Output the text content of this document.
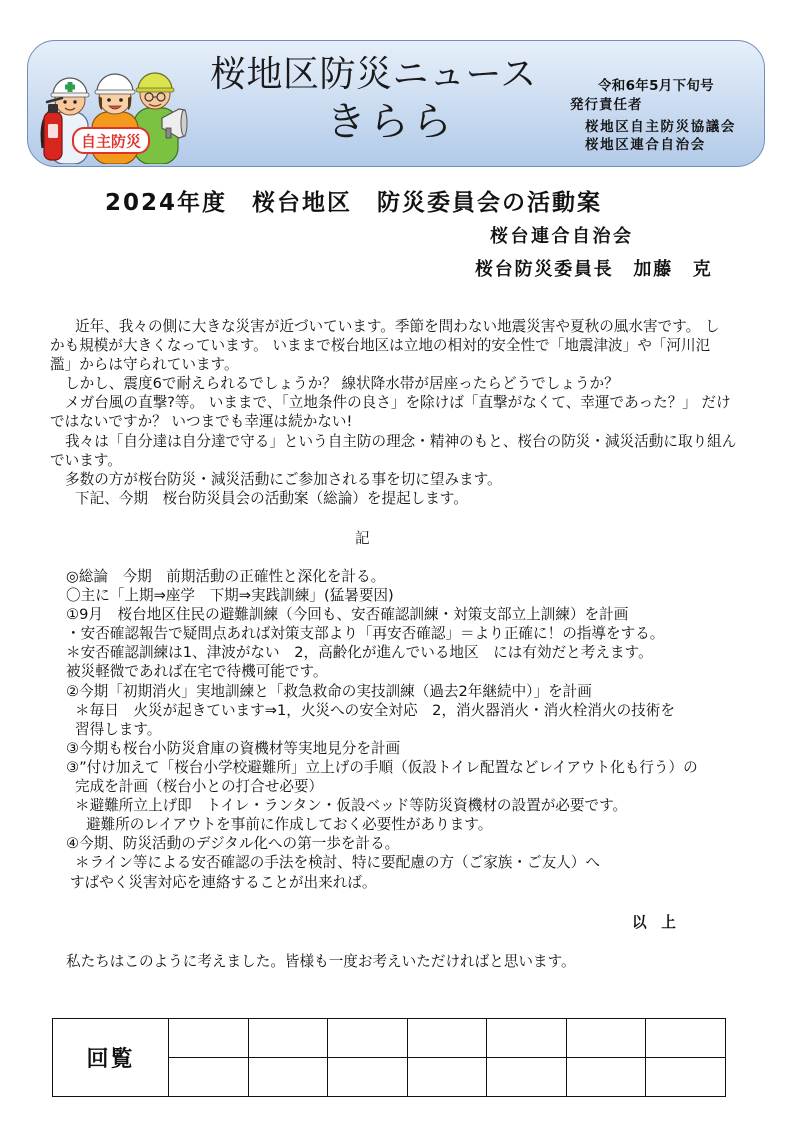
自主防災
桜地区防災ニュース
きらら
令和6年5月下旬号
発行責任者
桜地区自主防災協議会
桜地区連合自治会
2024年度　桜台地区　防災委員会の活動案
桜台連合自治会
桜台防災委員長　加藤　克
近年、我々の側に大きな災害が近づいています。季節を問わない地震災害や夏秋の風水害です。 し
かも規模が大きくなっています。 いままで桜台地区は立地の相対的安全性で「地震津波」や「河川氾
濫」からは守られています。
しかし、震度6で耐えられるでしょうか？ 線状降水帯が居座ったらどうでしょうか？
メガ台風の直撃?等。 いままで、「立地条件の良さ」を除けば「直撃がなくて、幸運であった？」 だけ
ではないですか？ いつまでも幸運は続かない!
我々は「自分達は自分達で守る」という自主防の理念・精神のもと、桜台の防災・減災活動に取り組ん
でいます。
多数の方が桜台防災・減災活動にご参加される事を切に望みます。
下記、今期　桜台防災員会の活動案（総論）を提起します。
記
◎総論　今期　前期活動の正確性と深化を計る。
〇主に「上期⇒座学　下期⇒実践訓練」(猛暑要因)
①9月　桜台地区住民の避難訓練（今回も、安否確認訓練・対策支部立上訓練）を計画
・安否確認報告で疑問点あれば対策支部より「再安否確認」＝より正確に！の指導をする。
＊安否確認訓練は1、津波がない　2，高齢化が進んでいる地区　には有効だと考えます。
被災軽微であれば在宅で待機可能です。
②今期「初期消火」実地訓練と「救急救命の実技訓練（過去2年継続中）」を計画
＊毎日　火災が起きています⇒1，火災への安全対応　2，消火器消火・消火栓消火の技術を
習得します。
③今期も桜台小防災倉庫の資機材等実地見分を計画
③”付け加えて「桜台小学校避難所」立上げの手順（仮設トイレ配置などレイアウト化も行う）の
完成を計画（桜台小との打合せ必要）
＊避難所立上げ即　トイレ・ランタン・仮設ベッド等防災資機材の設置が必要です。
避難所のレイアウトを事前に作成しておく必要性があります。
④今期、防災活動のデジタル化への第一歩を計る。
＊ライン等による安否確認の手法を検討、特に要配慮の方（ご家族・ご友人）へ
すばやく災害対応を連絡することが出来れば。
以　上
私たちはこのように考えました。皆様も一度お考えいただければと思います。
回覧							
